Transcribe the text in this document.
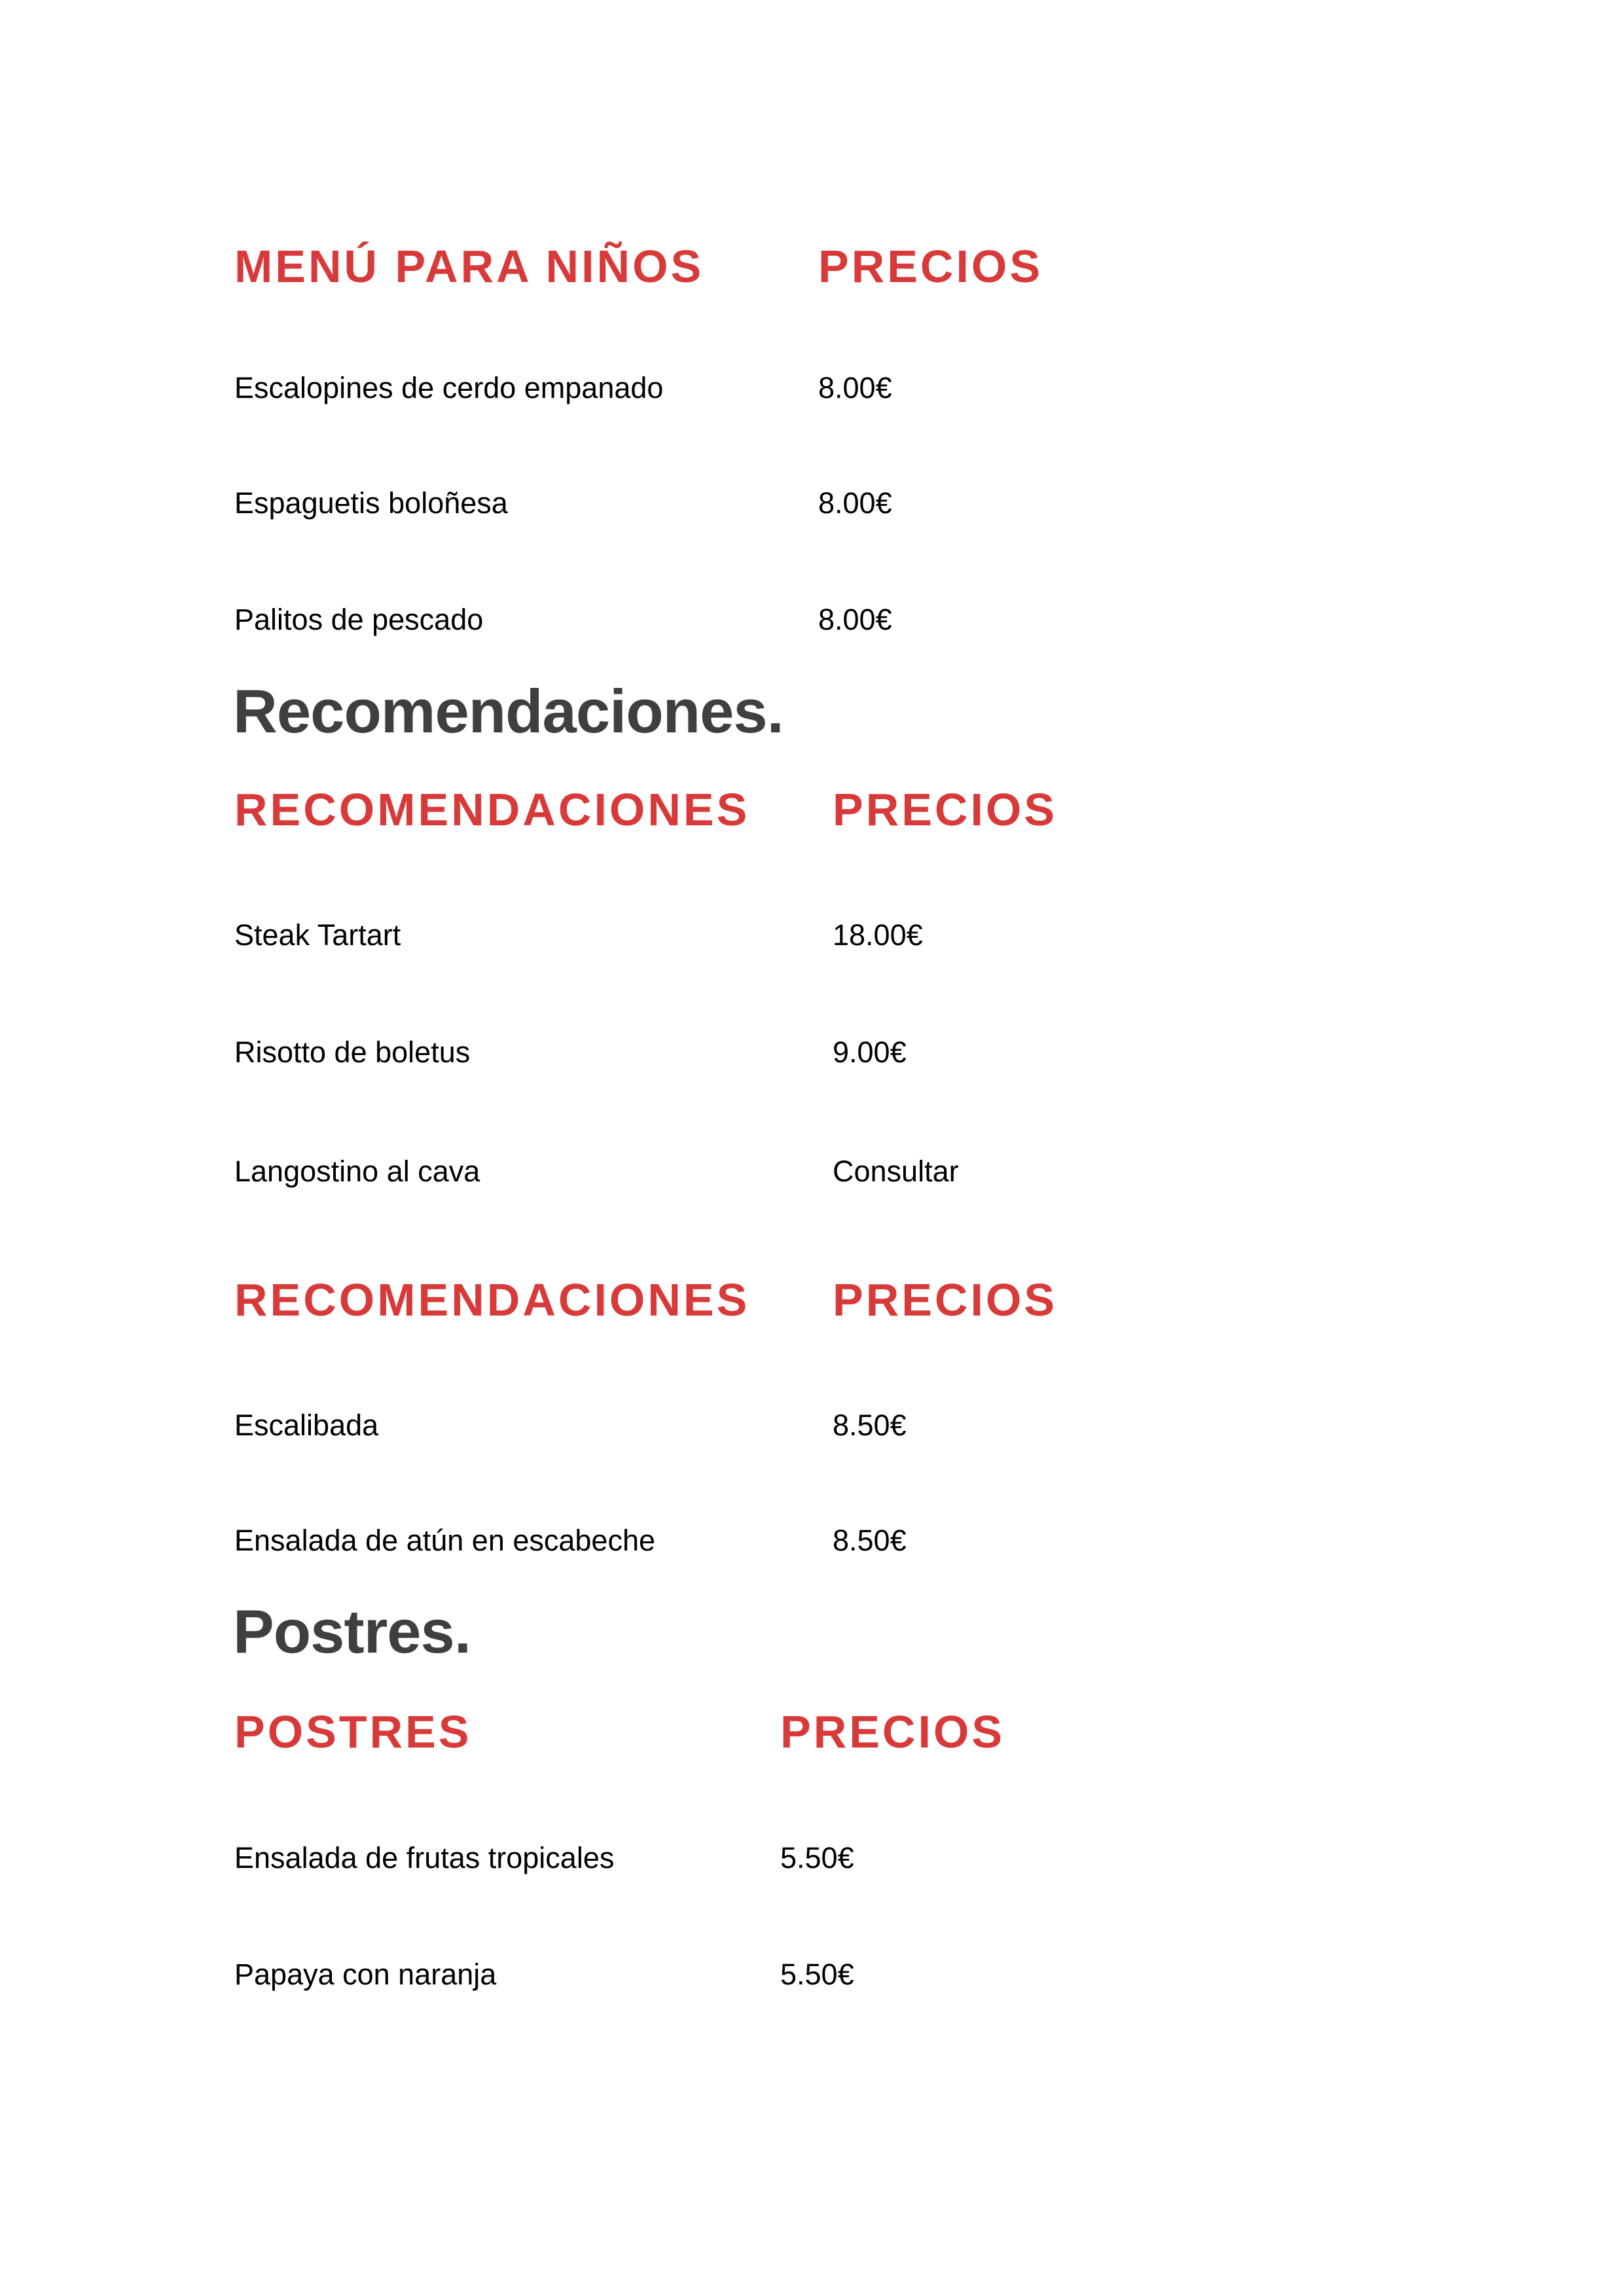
MENÚ PARA NIÑOS PRECIOS
Escalopines de cerdo empanado	8.00€
Espaguetis boloñesa	8.00€
Palitos de pescado	8.00€
Recomendaciones.
RECOMENDACIONES PRECIOS
Steak Tartart	18.00€
Risotto de boletus	9.00€
Langostino al cava	Consultar
RECOMENDACIONES PRECIOS
Escalibada	8.50€
Ensalada de atún en escabeche	8.50€
Postres.
POSTRES	PRECIOS
Ensalada de frutas tropicales	5.50€
Papaya con naranja	5.50€
